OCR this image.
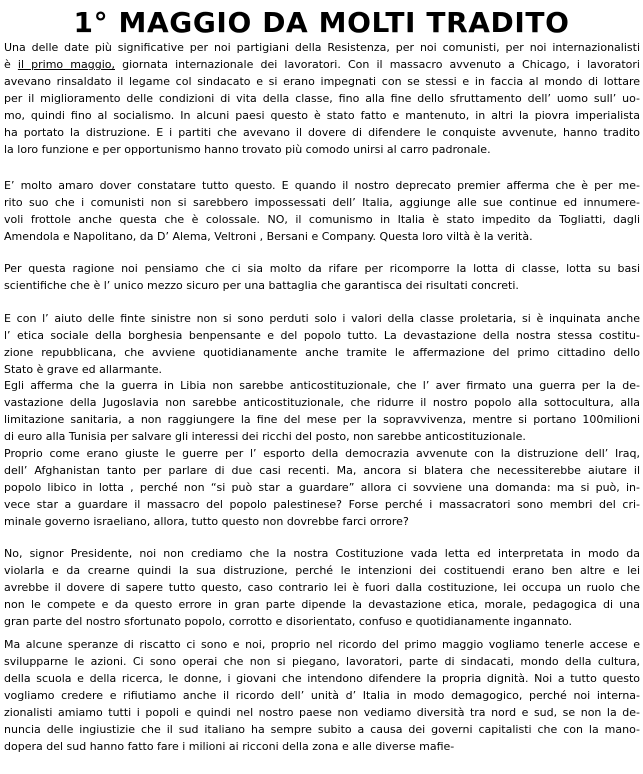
1° MAGGIO DA MOLTI TRADITO
Una delle date più significative per noi partigiani della Resistenza, per noi comunisti, per noi internazionalisti
è il primo maggio, giornata internazionale dei lavoratori. Con il massacro avvenuto a Chicago, i lavoratori
avevano rinsaldato il legame col sindacato e si erano impegnati con se stessi e in faccia al mondo di lottare
per il miglioramento delle condizioni di vita della classe, fino alla fine dello sfruttamento dell’ uomo sull’ uo-
mo, quindi fino al socialismo. In alcuni paesi questo è stato fatto e mantenuto, in altri la piovra imperialista
ha portato la distruzione. E i partiti che avevano il dovere di difendere le conquiste avvenute, hanno tradito
la loro funzione e per opportunismo hanno trovato più comodo unirsi al carro padronale.
E’ molto amaro dover constatare tutto questo. E quando il nostro deprecato premier afferma che è per me-
rito suo che i comunisti non si sarebbero impossessati dell’ Italia, aggiunge alle sue continue ed innumere-
voli frottole anche questa che è colossale. NO, il comunismo in Italia è stato impedito da Togliatti, dagli
Amendola e Napolitano, da D’ Alema, Veltroni , Bersani e Company. Questa loro viltà è la verità.
Per questa ragione noi pensiamo che ci sia molto da rifare per ricomporre la lotta di classe, lotta su basi
scientifiche che è l’ unico mezzo sicuro per una battaglia che garantisca dei risultati concreti.
E con l’ aiuto delle finte sinistre non si sono perduti solo i valori della classe proletaria, si è inquinata anche
l’ etica sociale della borghesia benpensante e del popolo tutto. La devastazione della nostra stessa costitu-
zione repubblicana, che avviene quotidianamente anche tramite le affermazione del primo cittadino dello
Stato è grave ed allarmante.
Egli afferma che la guerra in Libia non sarebbe anticostituzionale, che l’ aver firmato una guerra per la de-
vastazione della Jugoslavia non sarebbe anticostituzionale, che ridurre il nostro popolo alla sottocultura, alla
limitazione sanitaria, a non raggiungere la fine del mese per la sopravvivenza, mentre si portano 100milioni
di euro alla Tunisia per salvare gli interessi dei ricchi del posto, non sarebbe anticostituzionale.
Proprio come erano giuste le guerre per l’ esporto della democrazia avvenute con la distruzione dell’ Iraq,
dell’ Afghanistan tanto per parlare di due casi recenti. Ma, ancora si blatera che necessiterebbe aiutare il
popolo libico in lotta , perché non “si può star a guardare” allora ci sovviene una domanda: ma si può, in-
vece star a guardare il massacro del popolo palestinese? Forse perché i massacratori sono membri del cri-
minale governo israeliano, allora, tutto questo non dovrebbe farci orrore?
No, signor Presidente, noi non crediamo che la nostra Costituzione vada letta ed interpretata in modo da
violarla e da crearne quindi la sua distruzione, perché le intenzioni dei costituendi erano ben altre e lei
avrebbe il dovere di sapere tutto questo, caso contrario lei è fuori dalla costituzione, lei occupa un ruolo che
non le compete e da questo errore in gran parte dipende la devastazione etica, morale, pedagogica di una
gran parte del nostro sfortunato popolo, corrotto e disorientato, confuso e quotidianamente ingannato.
Ma alcune speranze di riscatto ci sono e noi, proprio nel ricordo del primo maggio vogliamo tenerle accese e
svilupparne le azioni. Ci sono operai che non si piegano, lavoratori, parte di sindacati, mondo della cultura,
della scuola e della ricerca, le donne, i giovani che intendono difendere la propria dignità. Noi a tutto questo
vogliamo credere e rifiutiamo anche il ricordo dell’ unità d’ Italia in modo demagogico, perché noi interna-
zionalisti amiamo tutti i popoli e quindi nel nostro paese non vediamo diversità tra nord e sud, se non la de-
nuncia delle ingiustizie che il sud italiano ha sempre subito a causa dei governi capitalisti che con la mano-
dopera del sud hanno fatto fare i milioni ai ricconi della zona e alle diverse mafie-
